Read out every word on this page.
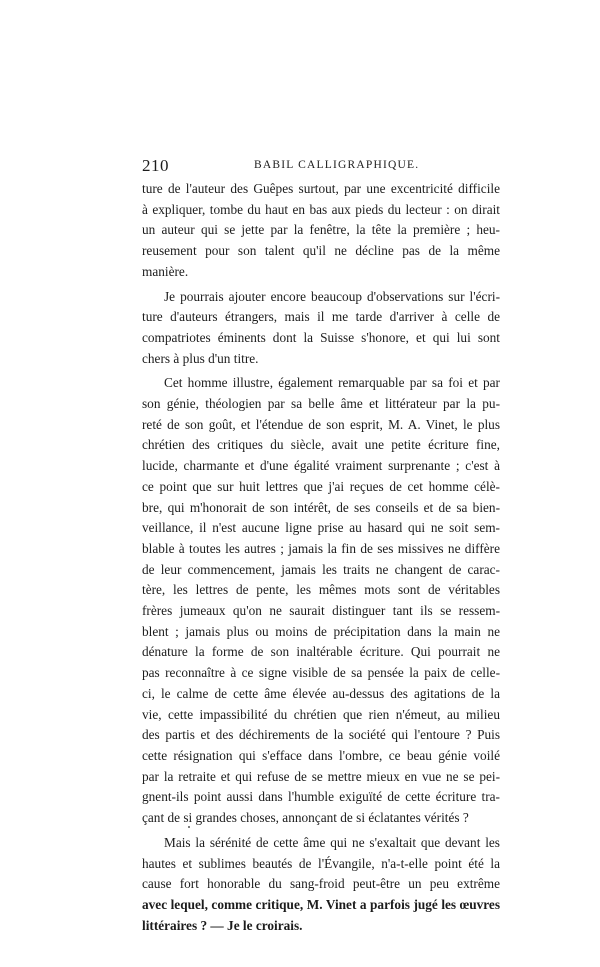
210	BABIL CALLIGRAPHIQUE.

ture de l'auteur des Guêpes surtout, par une excentricité difficile
à expliquer, tombe du haut en bas aux pieds du lecteur : on dirait
un auteur qui se jette par la fenêtre, la tête la première ; heu-
reusement pour son talent qu'il ne décline pas de la même
manière.

Je pourrais ajouter encore beaucoup d'observations sur l'écri-
ture d'auteurs étrangers, mais il me tarde d'arriver à celle de
compatriotes éminents dont la Suisse s'honore, et qui lui sont
chers à plus d'un titre.

Cet homme illustre, également remarquable par sa foi et par
son génie, théologien par sa belle âme et littérateur par la pu-
reté de son goût, et l'étendue de son esprit, M. A. Vinet, le plus
chrétien des critiques du siècle, avait une petite écriture fine,
lucide, charmante et d'une égalité vraiment surprenante ; c'est à
ce point que sur huit lettres que j'ai reçues de cet homme célè-
bre, qui m'honorait de son intérêt, de ses conseils et de sa bien-
veillance, il n'est aucune ligne prise au hasard qui ne soit sem-
blable à toutes les autres ; jamais la fin de ses missives ne diffère
de leur commencement, jamais les traits ne changent de carac-
tère, les lettres de pente, les mêmes mots sont de véritables
frères jumeaux qu'on ne saurait distinguer tant ils se ressem-
blent ; jamais plus ou moins de précipitation dans la main ne
dénature la forme de son inaltérable écriture. Qui pourrait ne
pas reconnaître à ce signe visible de sa pensée la paix de celle-
ci, le calme de cette âme élevée au-dessus des agitations de la
vie, cette impassibilité du chrétien que rien n'émeut, au milieu
des partis et des déchirements de la société qui l'entoure ? Puis
cette résignation qui s'efface dans l'ombre, ce beau génie voilé
par la retraite et qui refuse de se mettre mieux en vue ne se pei-
gnent-ils point aussi dans l'humble exiguïté de cette écriture tra-
çant de si grandes choses, annonçant de si éclatantes vérités ?

Mais la sérénité de cette âme qui ne s'exaltait que devant les
hautes et sublimes beautés de l'Évangile, n'a-t-elle point été la
cause fort honorable du sang-froid peut-être un peu extrême
avec lequel, comme critique, M. Vinet a parfois jugé les œuvres
littéraires ? — Je le croirais.
